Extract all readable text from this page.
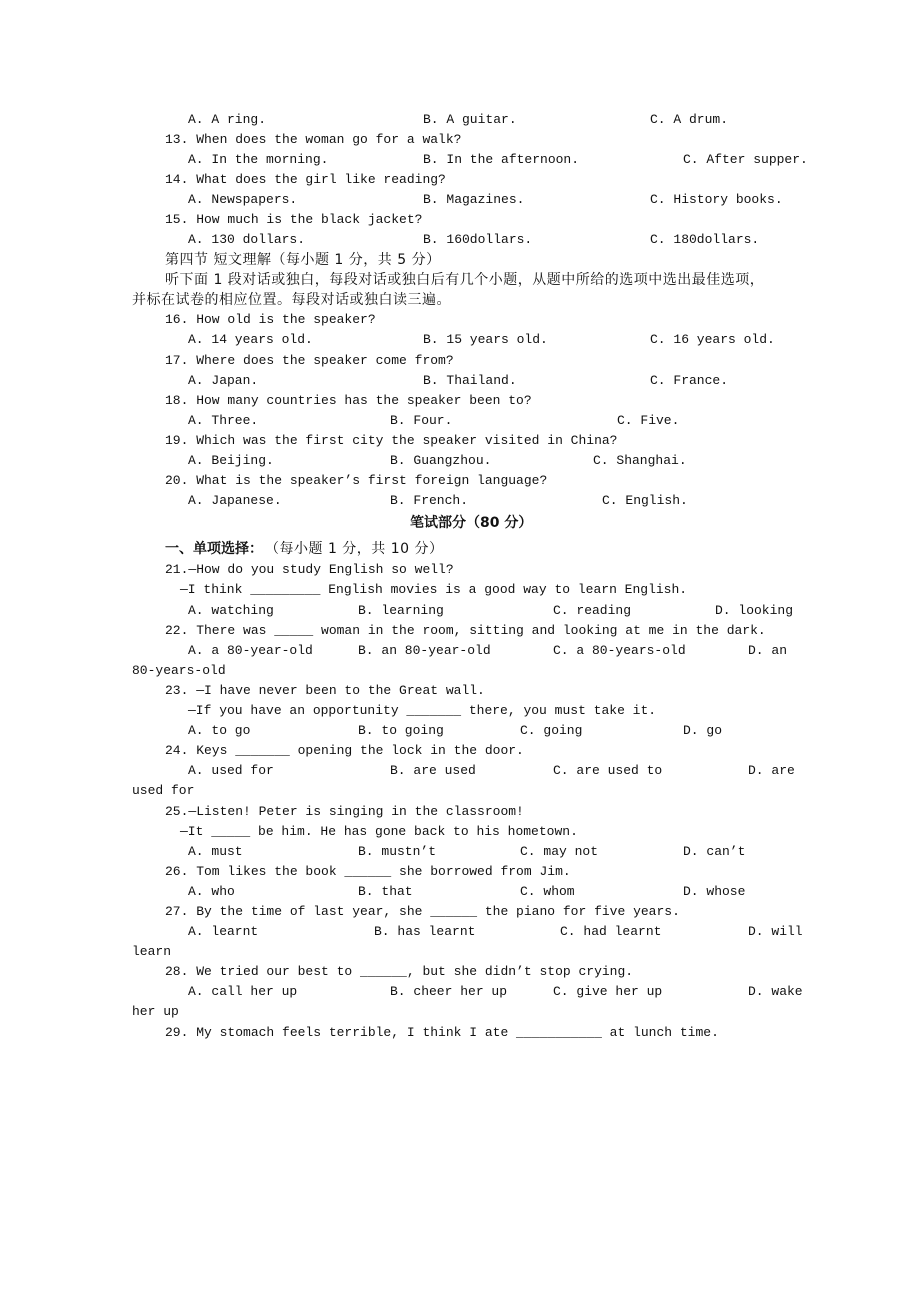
A. A ring.	B. A guitar.	C. A drum.
13. When does the woman go for a walk?
A. In the morning.	B. In the afternoon.	C. After supper.
14. What does the girl like reading?
A. Newspapers.	B. Magazines.	C. History books.
15. How much is the black jacket?
A. 130 dollars.	B. 160dollars.	C. 180dollars.
第四节 短文理解（每小题 1 分，共 5 分）
听下面 1 段对话或独白，每段对话或独白后有几个小题，从题中所给的选项中选出最佳选项，
并标在试卷的相应位置。每段对话或独白读三遍。
16. How old is the speaker?
A. 14 years old.	B. 15 years old.	C. 16 years old.
17. Where does the speaker come from?
A. Japan.	B. Thailand.	C. France.
18. How many countries has the speaker been to?
A. Three.	B. Four.	C. Five.
19. Which was the first city the speaker visited in China?
A. Beijing.	B. Guangzhou.	C. Shanghai.
20. What is the speaker’s first foreign language?
A. Japanese.	B. French.	C. English.
笔试部分（80 分）
一、单项选择： （每小题 1 分，共 10 分）
21.—How do you study English so well?
—I think _________ English movies is a good way to learn English.
A. watching	B. learning	C. reading	D. looking
22. There was _____ woman in the room, sitting and looking at me in the dark.
A. a 80-year-old	B. an 80-year-old	C. a 80-years-old	D. an
80-years-old
23. —I have never been to the Great wall.
—If you have an opportunity _______ there, you must take it.
A. to go	B. to going	C. going	D. go
24. Keys _______ opening the lock in the door.
A. used for	B. are used	C. are used to	D. are
used for
25.—Listen! Peter is singing in the classroom!
—It _____ be him. He has gone back to his hometown.
A. must	B. mustn’t	C. may not	D. can’t
26. Tom likes the book ______ she borrowed from Jim.
A. who	B. that	C. whom	D. whose
27. By the time of last year, she ______ the piano for five years.
A. learnt	B. has learnt	C. had learnt	D. will
learn
28. We tried our best to ______, but she didn’t stop crying.
A. call her up	B. cheer her up	C. give her up	D. wake
her up
29. My stomach feels terrible, I think I ate ___________ at lunch time.
